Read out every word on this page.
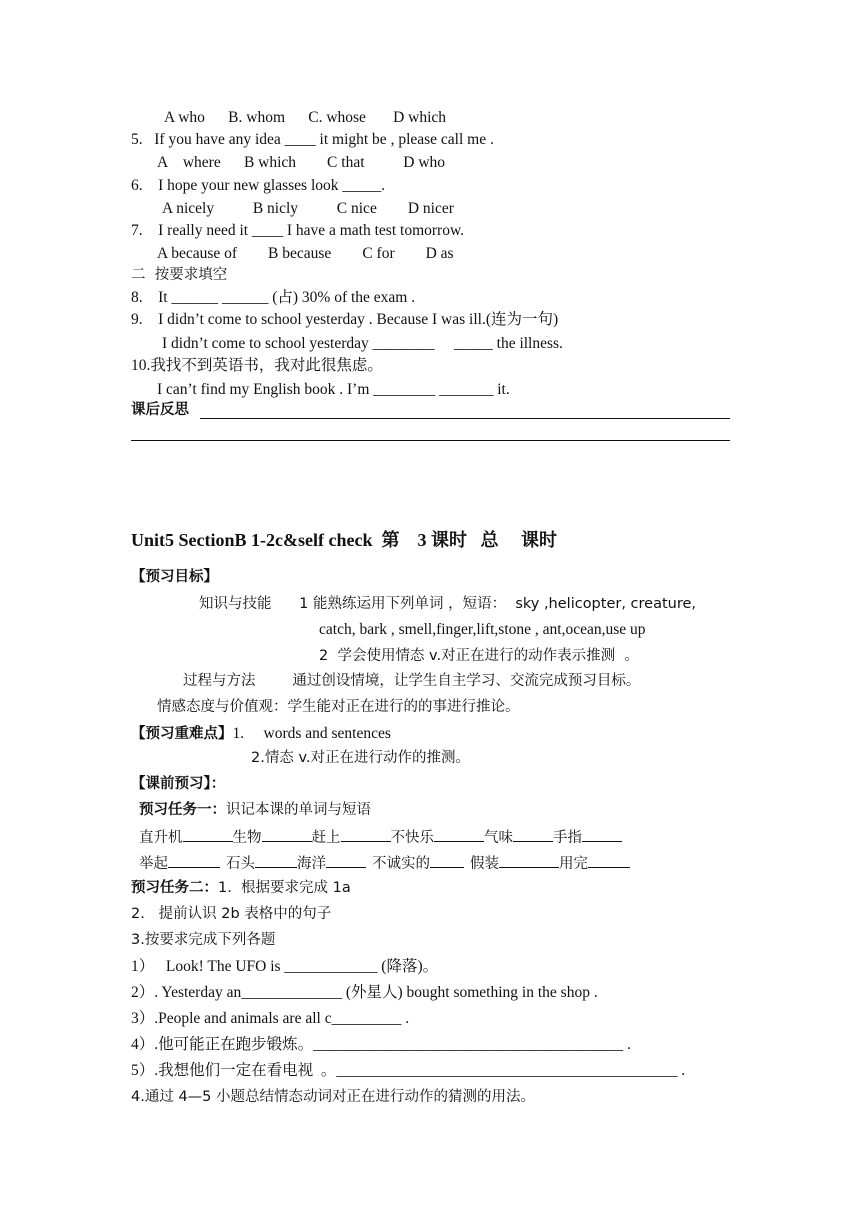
A who      B. whom      C. whose       D which
5.   If you have any idea ____ it might be , please call me .
A    where      B which        C that          D who
6.    I hope your new glasses look _____.
A nicely          B nicly          C nice        D nicer
7.    I really need it ____ I have a math test tomorrow.
A because of        B because        C for        D as
二  按要求填空
8.    It ______ ______ (占) 30% of the exam .
9.    I didn’t come to school yesterday . Because I was ill.(连为一句)
I didn’t come to school yesterday ________     _____ the illness.
10.我找不到英语书，我对此很焦虑。
I can’t find my English book . I’m ________ _______ it.
课后反思
Unit5 SectionB 1-2c&self check  第    3 课时   总     课时
【预习目标】
知识与技能      1 能熟练运用下列单词 ，短语：  sky ,helicopter, creature,
catch, bark , smell,finger,lift,stone , ant,ocean,use up
2  学会使用情态 v.对正在进行的动作表示推测  。
过程与方法        通过创设情境，让学生自主学习、交流完成预习目标。
情感态度与价值观：学生能对正在进行的的事进行推论。
【预习重难点】1.     words and sentences
2.情态 v.对正在进行动作的推测。
【课前预习】：
预习任务一：识记本课的单词与短语
直升机	生物	赶上	不快乐	气味	手指
举起	石头	海洋	不诚实的	假装	用完
预习任务二：1.  根据要求完成 1a
2.   提前认识 2b 表格中的句子
3.按要求完成下列各题
1）   Look! The UFO is ____________ (降落)。
2）. Yesterday an_____________ (外星人) bought something in the shop .
3）.People and animals are all c_________ .
4）.他可能正在跑步锻炼。________________________________________ .
5）.我想他们一定在看电视  。____________________________________________ .
4.通过 4—5 小题总结情态动词对正在进行动作的猜测的用法。
